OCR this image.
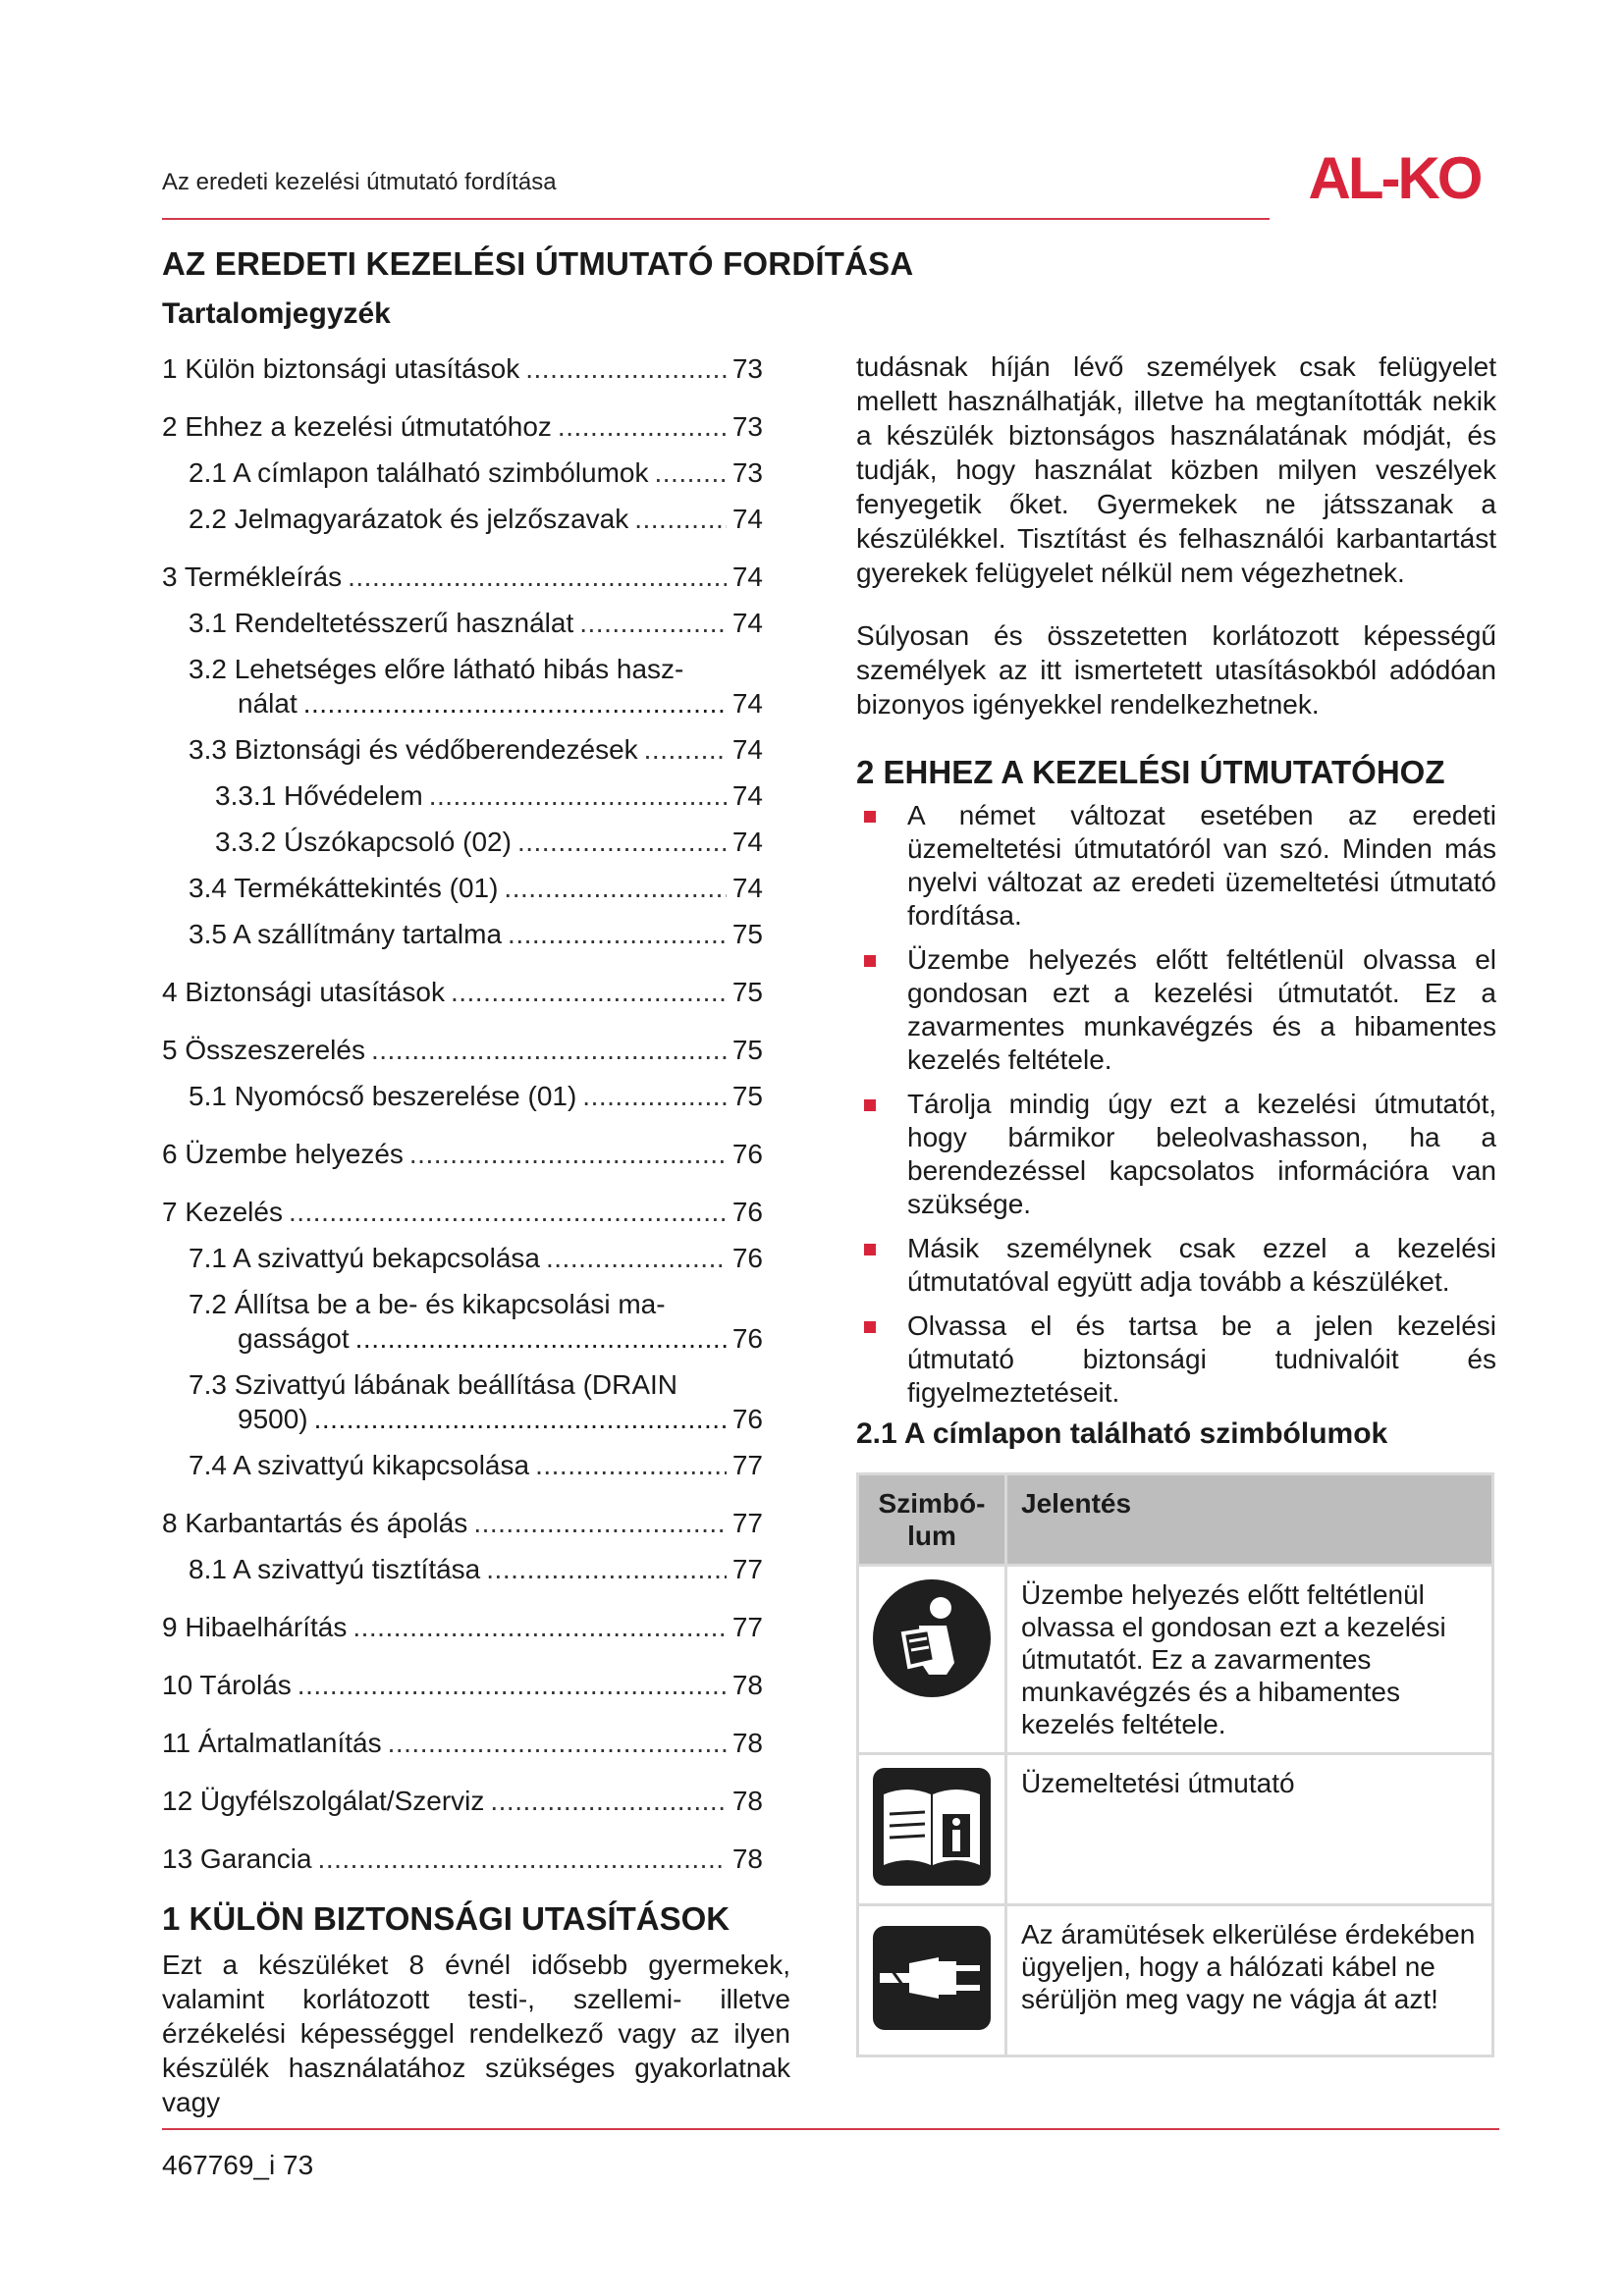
Az eredeti kezelési útmutató fordítása	AL-KO
AZ EREDETI KEZELÉSI ÚTMUTATÓ FORDÍTÁSA
Tartalomjegyzék
1 Külön biztonsági utasítások .....	73
2 Ehhez a kezelési útmutatóhoz .....	73
2.1 A címlapon található szimbólumok .....	73
2.2 Jelmagyarázatok és jelzőszavak .....	74
3 Termékleírás .....	74
3.1 Rendeltetésszerű használat .....	74
3.2 Lehetséges előre látható hibás hasz-
nálat .....	74
3.3 Biztonsági és védőberendezések .....	74
3.3.1 Hővédelem .....	74
3.3.2 Úszókapcsoló (02) .....	74
3.4 Termékáttekintés (01) .....	74
3.5 A szállítmány tartalma .....	75
4 Biztonsági utasítások .....	75
5 Összeszerelés .....	75
5.1 Nyomócső beszerelése (01) .....	75
6 Üzembe helyezés .....	76
7 Kezelés .....	76
7.1 A szivattyú bekapcsolása .....	76
7.2 Állítsa be a be- és kikapcsolási ma-
gasságot .....	76
7.3 Szivattyú lábának beállítása (DRAIN
9500) .....	76
7.4 A szivattyú kikapcsolása .....	77
8 Karbantartás és ápolás .....	77
8.1 A szivattyú tisztítása .....	77
9 Hibaelhárítás .....	77
10 Tárolás .....	78
11 Ártalmatlanítás .....	78
12 Ügyfélszolgálat/Szerviz .....	78
13 Garancia .....	78
1 KÜLÖN BIZTONSÁGI UTASÍTÁSOK
Ezt a készüléket 8 évnél idősebb gyermekek, valamint korlátozott testi-, szellemi- illetve érzékelési képességgel rendelkező vagy az ilyen készülék használatához szükséges gyakorlatnak vagy
tudásnak híján lévő személyek csak felügyelet mellett használhatják, illetve ha megtanították nekik a készülék biztonságos használatának módját, és tudják, hogy használat közben milyen veszélyek fenyegetik őket. Gyermekek ne játsszanak a készülékkel. Tisztítást és felhasználói karbantartást gyerekek felügyelet nélkül nem végezhetnek.
Súlyosan és összetetten korlátozott képességű személyek az itt ismertetett utasításokból adódóan bizonyos igényekkel rendelkezhetnek.
2 EHHEZ A KEZELÉSI ÚTMUTATÓHOZ
A német változat esetében az eredeti üzemeltetési útmutatóról van szó. Minden más nyelvi változat az eredeti üzemeltetési útmutató fordítása.
Üzembe helyezés előtt feltétlenül olvassa el gondosan ezt a kezelési útmutatót. Ez a zavarmentes munkavégzés és a hibamentes kezelés feltétele.
Tárolja mindig úgy ezt a kezelési útmutatót, hogy bármikor beleolvashasson, ha a berendezéssel kapcsolatos információra van szüksége.
Másik személynek csak ezzel a kezelési útmutatóval együtt adja tovább a készüléket.
Olvassa el és tartsa be a jelen kezelési útmutató biztonsági tudnivalóit és figyelmeztetéseit.
2.1 A címlapon található szimbólumok
Szimbó-lum	Jelentés
	Üzembe helyezés előtt feltétlenül olvassa el gondosan ezt a kezelési útmutatót. Ez a zavarmentes munkavégzés és a hibamentes kezelés feltétele.
	Üzemeltetési útmutató
	Az áramütések elkerülése érdekében ügyeljen, hogy a hálózati kábel ne sérüljön meg vagy ne vágja át azt!
467769_i 73
